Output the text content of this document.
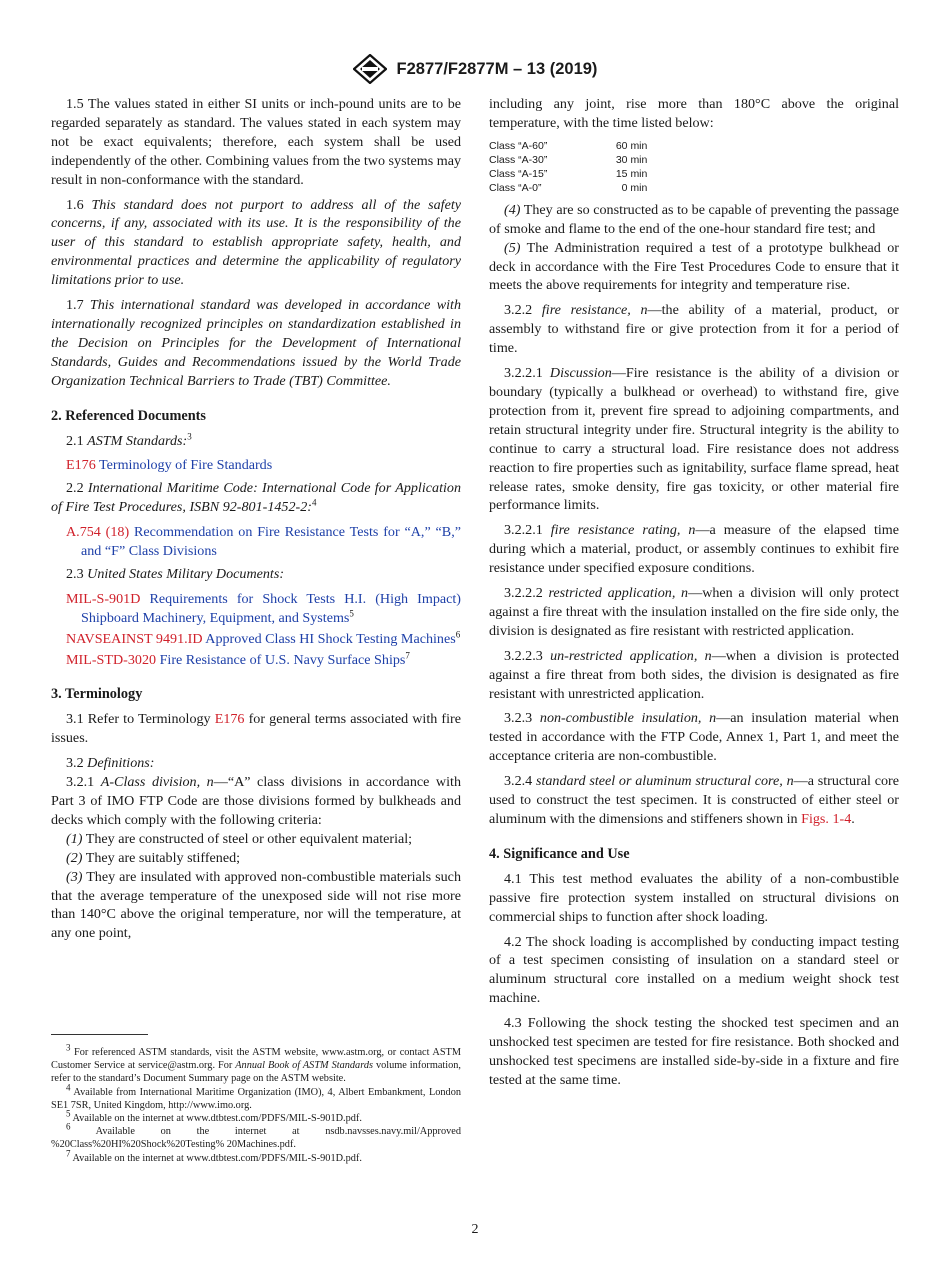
F2877/F2877M – 13 (2019)

1.5 The values stated in either SI units or inch-pound units are to be regarded separately as standard. The values stated in each system may not be exact equivalents; therefore, each system shall be used independently of the other. Combining values from the two systems may result in non-conformance with the standard.

1.6 This standard does not purport to address all of the safety concerns, if any, associated with its use. It is the responsibility of the user of this standard to establish appropriate safety, health, and environmental practices and determine the applicability of regulatory limitations prior to use.

1.7 This international standard was developed in accordance with internationally recognized principles on standardization established in the Decision on Principles for the Development of International Standards, Guides and Recommendations issued by the World Trade Organization Technical Barriers to Trade (TBT) Committee.

2. Referenced Documents

2.1 ASTM Standards:$^3$

E176 Terminology of Fire Standards

2.2 International Maritime Code: International Code for Application of Fire Test Procedures, ISBN 92-801-1452-2:$^4$

A.754 (18) Recommendation on Fire Resistance Tests for “A,” “B,” and “F” Class Divisions

2.3 United States Military Documents:

MIL-S-901D Requirements for Shock Tests H.I. (High Impact) Shipboard Machinery, Equipment, and Systems$^5$
NAVSEAINST 9491.ID Approved Class HI Shock Testing Machines$^6$
MIL-STD-3020 Fire Resistance of U.S. Navy Surface Ships$^7$
3. Terminology

3.1 Refer to Terminology E176 for general terms associated with fire issues.

3.2 Definitions:

3.2.1 A-Class division, n—“A” class divisions in accordance with Part 3 of IMO FTP Code are those divisions formed by bulkheads and decks which comply with the following criteria:

(1) They are constructed of steel or other equivalent material;

(2) They are suitably stiffened;

(3) They are insulated with approved non-combustible materials such that the average temperature of the unexposed side will not rise more than 140°C above the original temperature, nor will the temperature, at any one point,

including any joint, rise more than 180°C above the original temperature, with the time listed below:

Class “A-60”	60 min
Class “A-30”	30 min
Class “A-15”	15 min
Class “A-0”	0 min

(4) They are so constructed as to be capable of preventing the passage of smoke and flame to the end of the one-hour standard fire test; and

(5) The Administration required a test of a prototype bulkhead or deck in accordance with the Fire Test Procedures Code to ensure that it meets the above requirements for integrity and temperature rise.

3.2.2 fire resistance, n—the ability of a material, product, or assembly to withstand fire or give protection from it for a period of time.

3.2.2.1 Discussion—Fire resistance is the ability of a division or boundary (typically a bulkhead or overhead) to withstand fire, give protection from it, prevent fire spread to adjoining compartments, and retain structural integrity under fire. Structural integrity is the ability to continue to carry a structural load. Fire resistance does not address reaction to fire properties such as ignitability, surface flame spread, heat release rates, smoke density, fire gas toxicity, or other material fire performance limits.

3.2.2.1 fire resistance rating, n—a measure of the elapsed time during which a material, product, or assembly continues to exhibit fire resistance under specified exposure conditions.

3.2.2.2 restricted application, n—when a division will only protect against a fire threat with the insulation installed on the fire side only, the division is designated as fire resistant with restricted application.

3.2.2.3 un-restricted application, n—when a division is protected against a fire threat from both sides, the division is designated as fire resistant with unrestricted application.

3.2.3 non-combustible insulation, n—an insulation material when tested in accordance with the FTP Code, Annex 1, Part 1, and meet the acceptance criteria are non-combustible.

3.2.4 standard steel or aluminum structural core, n—a structural core used to construct the test specimen. It is constructed of either steel or aluminum with the dimensions and stiffeners shown in Figs. 1-4.

4. Significance and Use

4.1 This test method evaluates the ability of a non-combustible passive fire protection system installed on structural divisions on commercial ships to function after shock loading.

4.2 The shock loading is accomplished by conducting impact testing of a test specimen consisting of insulation on a standard steel or aluminum structural core installed on a medium weight shock test machine.

4.3 Following the shock testing the shocked test specimen and an unshocked test specimen are tested for fire resistance. Both shocked and unshocked test specimens are installed side-by-side in a fixture and fire tested at the same time.

$^3$ For referenced ASTM standards, visit the ASTM website, www.astm.org, or contact ASTM Customer Service at service@astm.org. For Annual Book of ASTM Standards volume information, refer to the standard’s Document Summary page on the ASTM website.

$^4$ Available from International Maritime Organization (IMO), 4, Albert Embankment, London SE1 7SR, United Kingdom, http://www.imo.org.

$^5$ Available on the internet at www.dtbtest.com/PDFS/MIL-S-901D.pdf.

$^6$ Available on the internet at nsdb.navsses.navy.mil/Approved %20Class%20HI%20Shock%20Testing% 20Machines.pdf.

$^7$ Available on the internet at www.dtbtest.com/PDFS/MIL-S-901D.pdf.

2
